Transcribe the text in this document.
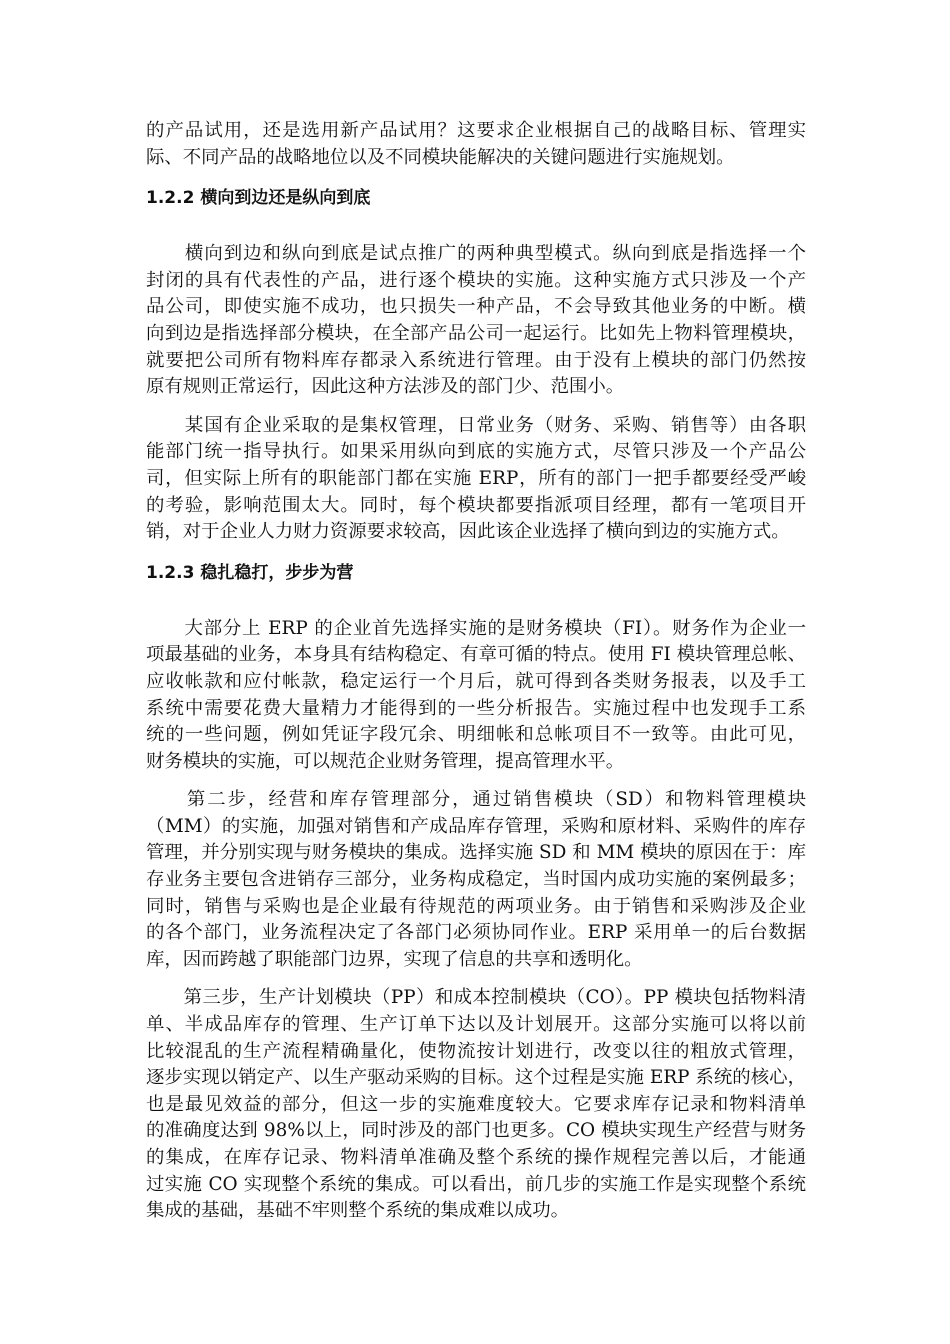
的产品试用，还是选用新产品试用？这要求企业根据自己的战略目标、管理实
际、不同产品的战略地位以及不同模块能解决的关键问题进行实施规划。
1.2.2 横向到边还是纵向到底
　　横向到边和纵向到底是试点推广的两种典型模式。纵向到底是指选择一个
封闭的具有代表性的产品，进行逐个模块的实施。这种实施方式只涉及一个产
品公司，即使实施不成功，也只损失一种产品，不会导致其他业务的中断。横
向到边是指选择部分模块，在全部产品公司一起运行。比如先上物料管理模块，
就要把公司所有物料库存都录入系统进行管理。由于没有上模块的部门仍然按
原有规则正常运行，因此这种方法涉及的部门少、范围小。
　　某国有企业采取的是集权管理，日常业务（财务、采购、销售等）由各职
能部门统一指导执行。如果采用纵向到底的实施方式，尽管只涉及一个产品公
司，但实际上所有的职能部门都在实施 ERP，所有的部门一把手都要经受严峻
的考验，影响范围太大。同时，每个模块都要指派项目经理，都有一笔项目开
销，对于企业人力财力资源要求较高，因此该企业选择了横向到边的实施方式。
1.2.3 稳扎稳打，步步为营
　　大部分上 ERP 的企业首先选择实施的是财务模块（FI）。财务作为企业一
项最基础的业务，本身具有结构稳定、有章可循的特点。使用 FI 模块管理总帐、
应收帐款和应付帐款，稳定运行一个月后，就可得到各类财务报表，以及手工
系统中需要花费大量精力才能得到的一些分析报告。实施过程中也发现手工系
统的一些问题，例如凭证字段冗余、明细帐和总帐项目不一致等。由此可见，
财务模块的实施，可以规范企业财务管理，提高管理水平。
　　第二步，经营和库存管理部分，通过销售模块（SD）和物料管理模块
（MM）的实施，加强对销售和产成品库存管理，采购和原材料、采购件的库存
管理，并分别实现与财务模块的集成。选择实施 SD 和 MM 模块的原因在于：库
存业务主要包含进销存三部分，业务构成稳定，当时国内成功实施的案例最多；
同时，销售与采购也是企业最有待规范的两项业务。由于销售和采购涉及企业
的各个部门，业务流程决定了各部门必须协同作业。ERP 采用单一的后台数据
库，因而跨越了职能部门边界，实现了信息的共享和透明化。
　　第三步，生产计划模块（PP）和成本控制模块（CO）。PP 模块包括物料清
单、半成品库存的管理、生产订单下达以及计划展开。这部分实施可以将以前
比较混乱的生产流程精确量化，使物流按计划进行，改变以往的粗放式管理，
逐步实现以销定产、以生产驱动采购的目标。这个过程是实施 ERP 系统的核心，
也是最见效益的部分，但这一步的实施难度较大。它要求库存记录和物料清单
的准确度达到 98%以上，同时涉及的部门也更多。CO 模块实现生产经营与财务
的集成，在库存记录、物料清单准确及整个系统的操作规程完善以后，才能通
过实施 CO 实现整个系统的集成。可以看出，前几步的实施工作是实现整个系统
集成的基础，基础不牢则整个系统的集成难以成功。
